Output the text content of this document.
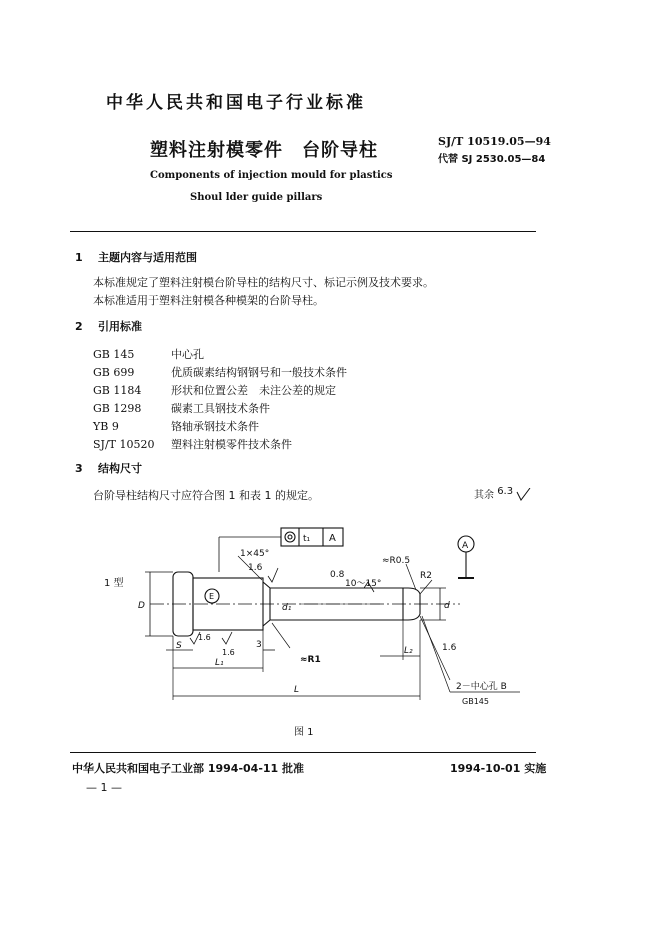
中华人民共和国电子行业标准
塑料注射模零件　台阶导柱	SJ/T 10519.05—94
代替 SJ 2530.05—84
Components of injection mould for plastics
Shoul lder guide pillars
1 主题内容与适用范围
本标准规定了塑料注射模台阶导柱的结构尺寸、标记示例及技术要求。
本标准适用于塑料注射模各种模架的台阶导柱。
2 引用标准
GB 145	中心孔
GB 699	优质碳素结构钢钢号和一般技术条件
GB 1184	形状和位置公差　未注公差的规定
GB 1298	碳素工具钢技术条件
YB 9	铬轴承钢技术条件
SJ/T 10520 塑料注射模零件技术条件
3 结构尺寸
台阶导柱结构尺寸应符合图 1 和表 1 的规定。	其余 6.3
1 型
1×45°
1.6
t₁ A
A
E
≈R0.5
R2
0.8
10～15°
≈R1
L
L₁
L₂
S	3
D	d
d₁
1.6
1.6
1.6
2－中心孔 B
GB145
图 1
中华人民共和国电子工业部 1994-04-11 批准	1994-10-01 实施
— 1 —
